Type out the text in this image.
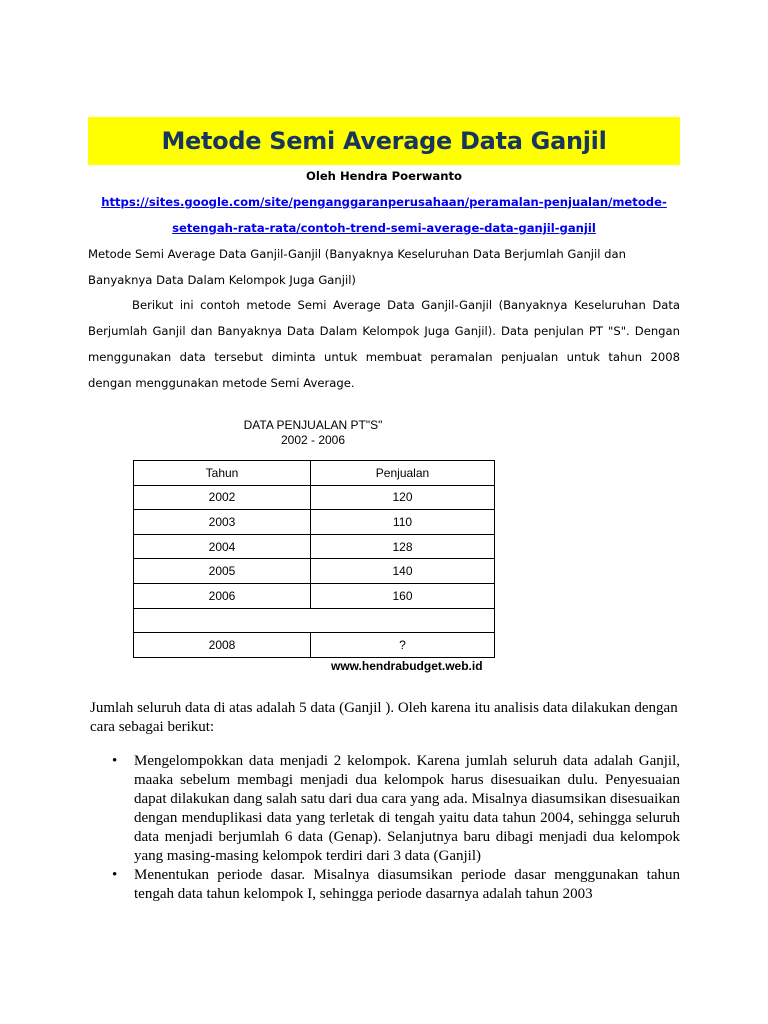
Metode Semi Average Data Ganjil
Oleh Hendra Poerwanto
https://sites.google.com/site/penganggaranperusahaan/peramalan-penjualan/metode-setengah-rata-rata/contoh-trend-semi-average-data-ganjil-ganjil
Metode Semi Average Data Ganjil-Ganjil (Banyaknya Keseluruhan Data Berjumlah Ganjil dan Banyaknya Data Dalam Kelompok Juga Ganjil)
Berikut ini contoh metode Semi Average Data Ganjil-Ganjil (Banyaknya Keseluruhan Data Berjumlah Ganjil dan Banyaknya Data Dalam Kelompok Juga Ganjil). Data penjulan PT "S". Dengan menggunakan data tersebut diminta untuk membuat peramalan penjualan untuk tahun 2008 dengan menggunakan metode Semi Average.
DATA PENJUALAN PT"S"
2002 - 2006
Tahun	Penjualan
2002	120
2003	110
2004	128
2005	140
2006	160

2008	?
www.hendrabudget.web.id
Jumlah seluruh data di atas adalah 5 data (Ganjil ). Oleh karena itu analisis data dilakukan dengan cara sebagai berikut:
• Mengelompokkan data menjadi 2 kelompok. Karena jumlah seluruh data adalah Ganjil, maaka sebelum membagi menjadi dua kelompok harus disesuaikan dulu. Penyesuaian dapat dilakukan dang salah satu dari dua cara yang ada. Misalnya diasumsikan disesuaikan dengan menduplikasi data yang terletak di tengah yaitu data tahun 2004, sehingga seluruh data menjadi berjumlah 6 data (Genap). Selanjutnya baru dibagi menjadi dua kelompok yang masing-masing kelompok terdiri dari 3 data (Ganjil)
• Menentukan periode dasar. Misalnya diasumsikan periode dasar menggunakan tahun tengah data tahun kelompok I, sehingga periode dasarnya adalah tahun 2003
